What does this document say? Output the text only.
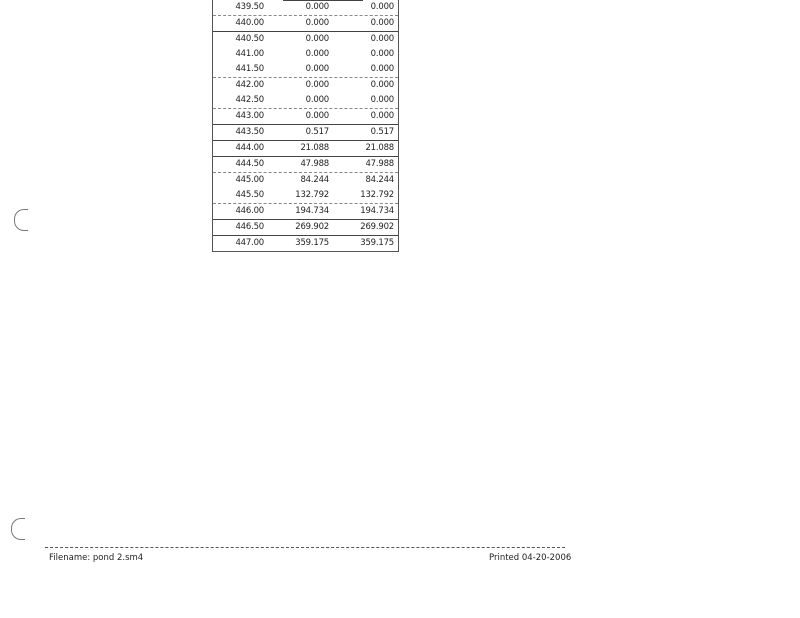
439.50	0.000	0.000
440.00	0.000	0.000
440.50	0.000	0.000
441.00	0.000	0.000
441.50	0.000	0.000
442.00	0.000	0.000
442.50	0.000	0.000
443.00	0.000	0.000
443.50	0.517	0.517
444.00	21.088	21.088
444.50	47.988	47.988
445.00	84.244	84.244
445.50	132.792	132.792
446.00	194.734	194.734
446.50	269.902	269.902
447.00	359.175	359.175
Filename: pond 2.sm4	Printed 04-20-2006
